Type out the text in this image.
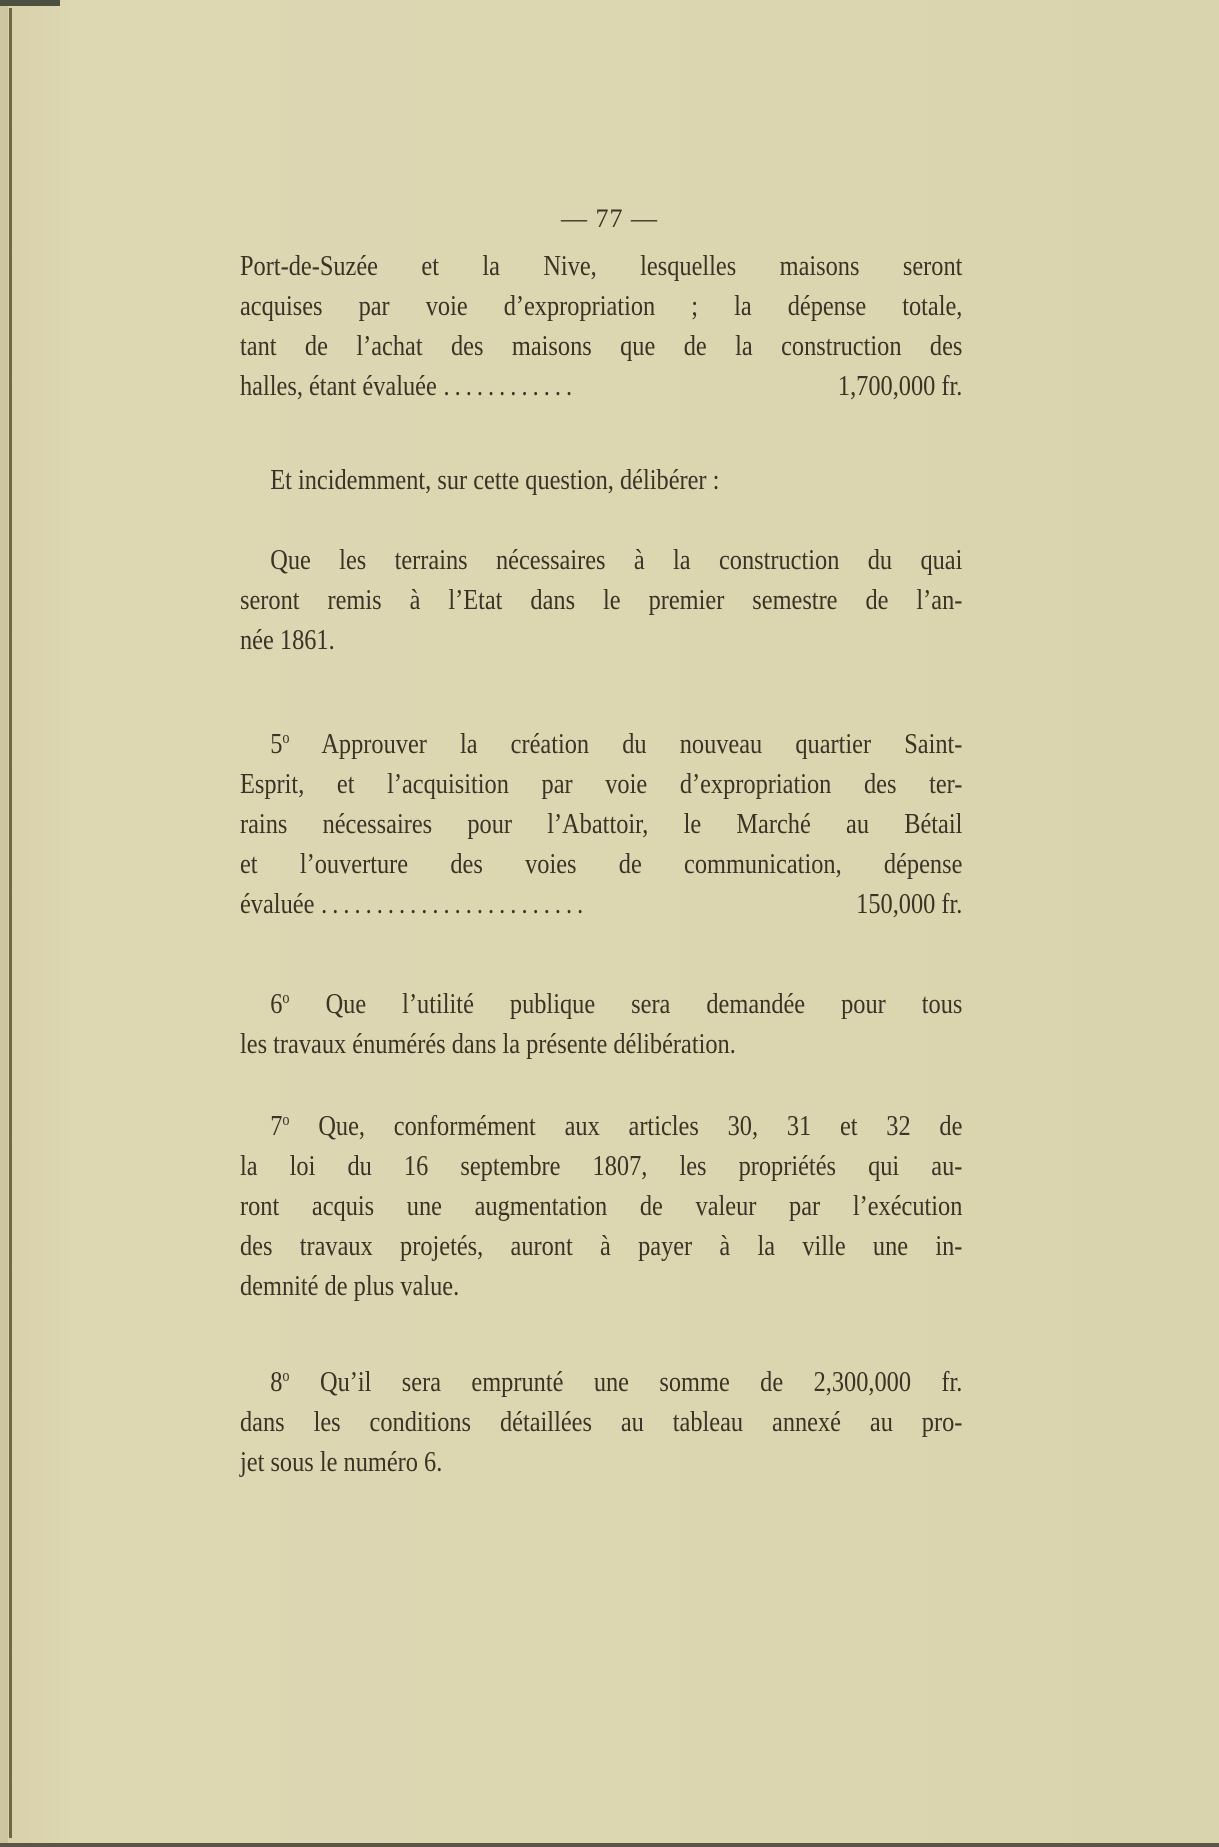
— 77 —
Port-de-Suzée et la Nive, lesquelles maisons seront
acquises par voie d’expropriation ; la dépense totale,
tant de l’achat des maisons que de la construction des
halles, étant évaluée ............	1,700,000 fr.
Et incidemment, sur cette question, délibérer :
Que les terrains nécessaires à la construction du quai
seront remis à l’Etat dans le premier semestre de l’an-
née 1861.
5$^o$ Approuver la création du nouveau quartier Saint-
Esprit, et l’acquisition par voie d’expropriation des ter-
rains nécessaires pour l’Abattoir, le Marché au Bétail
et l’ouverture des voies de communication, dépense
évaluée ........................	150,000 fr.
6$^o$ Que l’utilité publique sera demandée pour tous
les travaux énumérés dans la présente délibération.
7$^o$ Que, conformément aux articles 30, 31 et 32 de
la loi du 16 septembre 1807, les propriétés qui au-
ront acquis une augmentation de valeur par l’exécution
des travaux projetés, auront à payer à la ville une in-
demnité de plus value.
8$^o$ Qu’il sera emprunté une somme de 2,300,000 fr.
dans les conditions détaillées au tableau annexé au pro-
jet sous le numéro 6.
